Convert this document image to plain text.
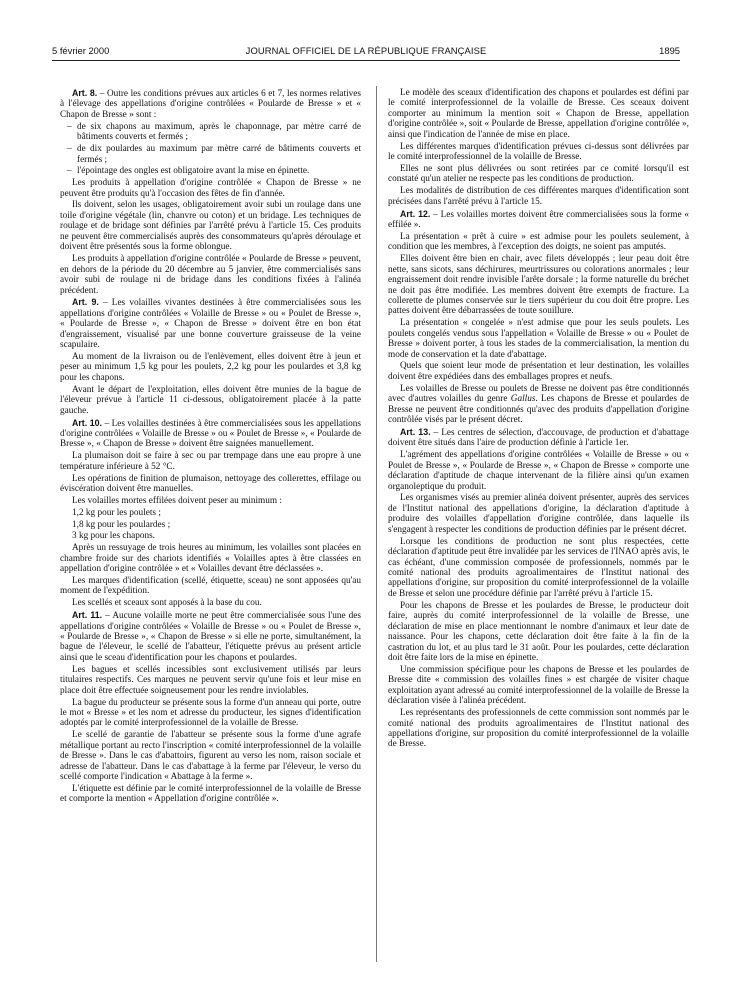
5 février 2000	JOURNAL OFFICIEL DE LA RÉPUBLIQUE FRANÇAISE	1895

Art. 8. – Outre les conditions prévues aux articles 6 et 7, les normes relatives à l'élevage des appellations d'origine contrôlées « Poularde de Bresse » et « Chapon de Bresse » sont :

– de six chapons au maximum, après le chaponnage, par mètre carré de bâtiments couverts et fermés ;

– de dix poulardes au maximum par mètre carré de bâtiments couverts et fermés ;

– l'épointage des ongles est obligatoire avant la mise en épinette.

Les produits à appellation d'origine contrôlée « Chapon de Bresse » ne peuvent être produits qu'à l'occasion des fêtes de fin d'année.

Ils doivent, selon les usages, obligatoirement avoir subi un roulage dans une toile d'origine végétale (lin, chanvre ou coton) et un bridage. Les techniques de roulage et de bridage sont définies par l'arrêté prévu à l'article 15. Ces produits ne peuvent être commercialisés auprès des consommateurs qu'après déroulage et doivent être présentés sous la forme oblongue.

Les produits à appellation d'origine contrôlée « Poularde de Bresse » peuvent, en dehors de la période du 20 décembre au 5 janvier, être commercialisés sans avoir subi de roulage ni de bridage dans les conditions fixées à l'alinéa précédent.

Art. 9. – Les volailles vivantes destinées à être commercialisées sous les appellations d'origine contrôlées « Volaille de Bresse » ou « Poulet de Bresse », « Poularde de Bresse », « Chapon de Bresse » doivent être en bon état d'engraissement, visualisé par une bonne couverture graisseuse de la veine scapulaire.

Au moment de la livraison ou de l'enlèvement, elles doivent être à jeun et peser au minimum 1,5 kg pour les poulets, 2,2 kg pour les poulardes et 3,8 kg pour les chapons.

Avant le départ de l'exploitation, elles doivent être munies de la bague de l'éleveur prévue à l'article 11 ci-dessous, obligatoirement placée à la patte gauche.

Art. 10. – Les volailles destinées à être commercialisées sous les appellations d'origine contrôlées « Volaille de Bresse » ou « Poulet de Bresse », « Poularde de Bresse », « Chapon de Bresse » doivent être saignées manuellement.

La plumaison doit se faire à sec ou par trempage dans une eau propre à une température inférieure à 52 °C.

Les opérations de finition de plumaison, nettoyage des collerettes, effilage ou éviscération doivent être manuelles.

Les volailles mortes effilées doivent peser au minimum :

1,2 kg pour les poulets ;

1,8 kg pour les poulardes ;

3 kg pour les chapons.

Après un ressuyage de trois heures au minimum, les volailles sont placées en chambre froide sur des chariots identifiés « Volailles aptes à être classées en appellation d'origine contrôlée » et « Volailles devant être déclassées ».

Les marques d'identification (scellé, étiquette, sceau) ne sont apposées qu'au moment de l'expédition.

Les scellés et sceaux sont apposés à la base du cou.

Art. 11. – Aucune volaille morte ne peut être commercialisée sous l'une des appellations d'origine contrôlées « Volaille de Bresse » ou « Poulet de Bresse », « Poularde de Bresse », « Chapon de Bresse » si elle ne porte, simultanément, la bague de l'éleveur, le scellé de l'abatteur, l'étiquette prévus au présent article ainsi que le sceau d'identification pour les chapons et poulardes.

Les bagues et scellés incessibles sont exclusivement utilisés par leurs titulaires respectifs. Ces marques ne peuvent servir qu'une fois et leur mise en place doit être effectuée soigneusement pour les rendre inviolables.

La bague du producteur se présente sous la forme d'un anneau qui porte, outre le mot « Bresse » et les nom et adresse du producteur, les signes d'identification adoptés par le comité interprofessionnel de la volaille de Bresse.

Le scellé de garantie de l'abatteur se présente sous la forme d'une agrafe métallique portant au recto l'inscription « comité interprofessionnel de la volaille de Bresse ». Dans le cas d'abattoirs, figurent au verso les nom, raison sociale et adresse de l'abatteur. Dans le cas d'abattage à la ferme par l'éleveur, le verso du scellé comporte l'indication « Abattage à la ferme ».

L'étiquette est définie par le comité interprofessionnel de la volaille de Bresse et comporte la mention « Appellation d'origine contrôlée ».

Le modèle des sceaux d'identification des chapons et poulardes est défini par le comité interprofessionnel de la volaille de Bresse. Ces sceaux doivent comporter au minimum la mention soit « Chapon de Bresse, appellation d'origine contrôlée », soit « Poularde de Bresse, appellation d'origine contrôlée », ainsi que l'indication de l'année de mise en place.

Les différentes marques d'identification prévues ci-dessus sont délivrées par le comité interprofessionnel de la volaille de Bresse.

Elles ne sont plus délivrées ou sont retirées par ce comité lorsqu'il est constaté qu'un atelier ne respecte pas les conditions de production.

Les modalités de distribution de ces différentes marques d'identification sont précisées dans l'arrêté prévu à l'article 15.

Art. 12. – Les volailles mortes doivent être commercialisées sous la forme « effilée ».

La présentation « prêt à cuire » est admise pour les poulets seulement, à condition que les membres, à l'exception des doigts, ne soient pas amputés.

Elles doivent être bien en chair, avec filets développés ; leur peau doit être nette, sans sicots, sans déchirures, meurtrissures ou colorations anormales ; leur engraissement doit rendre invisible l'arête dorsale ; la forme naturelle du bréchet ne doit pas être modifiée. Les membres doivent être exempts de fracture. La collerette de plumes conservée sur le tiers supérieur du cou doit être propre. Les pattes doivent être débarrassées de toute souillure.

La présentation « congelée » n'est admise que pour les seuls poulets. Les poulets congelés vendus sous l'appellation « Volaille de Bresse » ou « Poulet de Bresse » doivent porter, à tous les stades de la commercialisation, la mention du mode de conservation et la date d'abattage.

Quels que soient leur mode de présentation et leur destination, les volailles doivent être expédiées dans des emballages propres et neufs.

Les volailles de Bresse ou poulets de Bresse ne doivent pas être conditionnés avec d'autres volailles du genre Gallus. Les chapons de Bresse et poulardes de Bresse ne peuvent être conditionnés qu'avec des produits d'appellation d'origine contrôlée visés par le présent décret.

Art. 13. – Les centres de sélection, d'accouvage, de production et d'abattage doivent être situés dans l'aire de production définie à l'article 1er.

L'agrément des appellations d'origine contrôlées « Volaille de Bresse » ou « Poulet de Bresse », « Poularde de Bresse », « Chapon de Bresse » comporte une déclaration d'aptitude de chaque intervenant de la filière ainsi qu'un examen organoleptique du produit.

Les organismes visés au premier alinéa doivent présenter, auprès des services de l'Institut national des appellations d'origine, la déclaration d'aptitude à produire des volailles d'appellation d'origine contrôlée, dans laquelle ils s'engagent à respecter les conditions de production définies par le présent décret.

Lorsque les conditions de production ne sont plus respectées, cette déclaration d'aptitude peut être invalidée par les services de l'INAO après avis, le cas échéant, d'une commission composée de professionnels, nommés par le comité national des produits agroalimentaires de l'Institut national des appellations d'origine, sur proposition du comité interprofessionnel de la volaille de Bresse et selon une procédure définie par l'arrêté prévu à l'article 15.

Pour les chapons de Bresse et les poulardes de Bresse, le producteur doit faire, auprès du comité interprofessionnel de la volaille de Bresse, une déclaration de mise en place mentionnant le nombre d'animaux et leur date de naissance. Pour les chapons, cette déclaration doit être faite à la fin de la castration du lot, et au plus tard le 31 août. Pour les poulardes, cette déclaration doit être faite lors de la mise en épinette.

Une commission spécifique pour les chapons de Bresse et les poulardes de Bresse dite « commission des volailles fines » est chargée de visiter chaque exploitation ayant adressé au comité interprofessionnel de la volaille de Bresse la déclaration visée à l'alinéa précédent.

Les représentants des professionnels de cette commission sont nommés par le comité national des produits agroalimentaires de l'Institut national des appellations d'origine, sur proposition du comité interprofessionnel de la volaille de Bresse.
